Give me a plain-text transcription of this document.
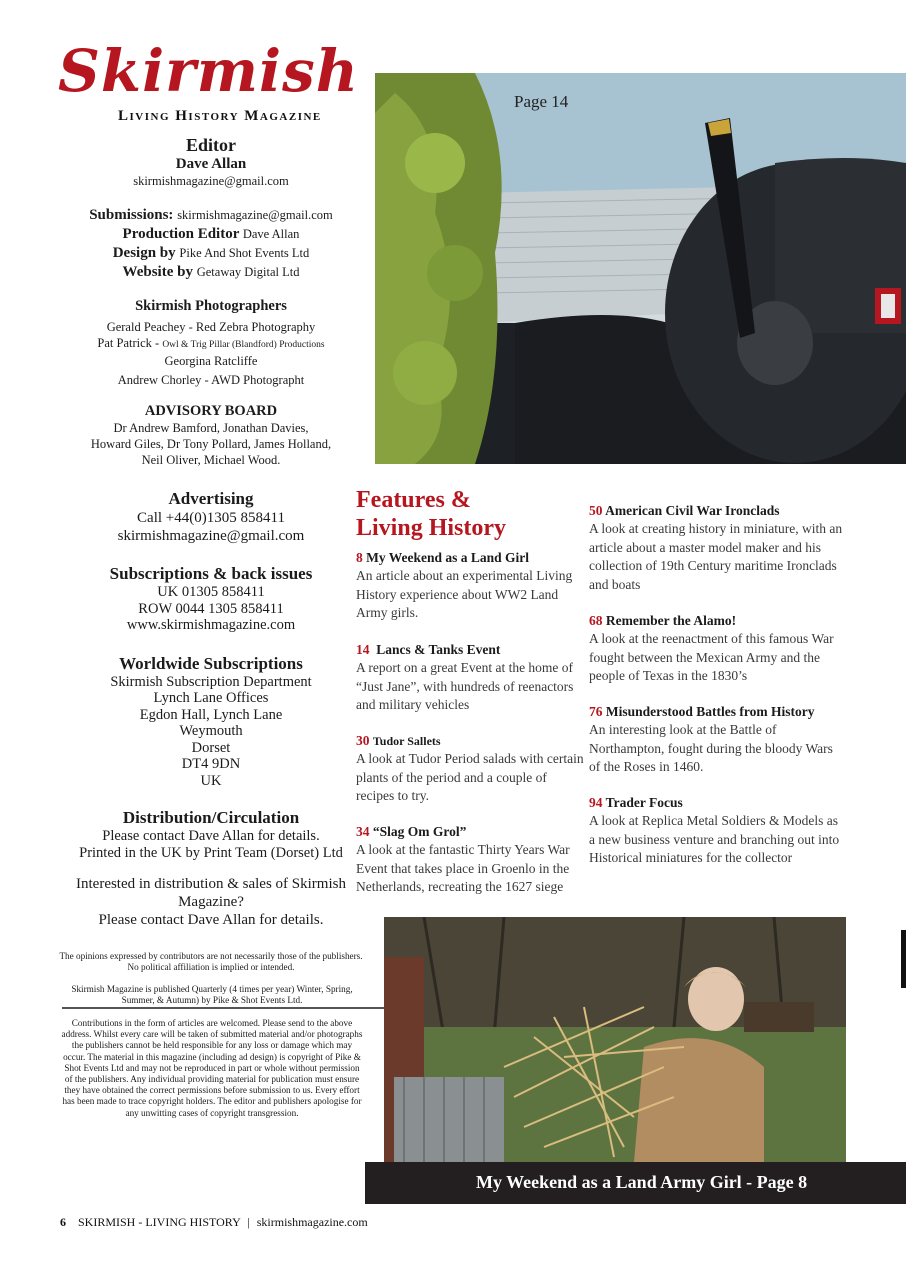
Skirmish
Living History Magazine
Editor
Dave Allan
skirmishmagazine@gmail.com
Submissions: skirmishmagazine@gmail.com
Production Editor Dave Allan
Design by Pike And Shot Events Ltd
Website by Getaway Digital Ltd
Skirmish Photographers
Gerald Peachey - Red Zebra Photography
Pat Patrick - Owl & Trig Pillar (Blandford) Productions
Georgina Ratcliffe
Andrew Chorley - AWD Photographt
ADVISORY BOARD
Dr Andrew Bamford, Jonathan Davies,
Howard Giles, Dr Tony Pollard, James Holland,
Neil Oliver, Michael Wood.
Advertising
Call +44(0)1305 858411
skirmishmagazine@gmail.com
Subscriptions & back issues
UK 01305 858411
ROW 0044 1305 858411
www.skirmishmagazine.com
Worldwide Subscriptions
Skirmish Subscription Department
Lynch Lane Offices
Egdon Hall, Lynch Lane
Weymouth
Dorset
DT4 9DN
UK
Distribution/Circulation
Please contact Dave Allan for details.
Printed in the UK by Print Team (Dorset) Ltd
Interested in distribution & sales of Skirmish
Magazine?
Please contact Dave Allan for details.
The opinions expressed by contributors are not necessarily those of the publishers. No political affiliation is implied or intended.
Skirmish Magazine is published Quarterly (4 times per year) Winter, Spring, Summer, & Autumn) by Pike & Shot Events Ltd.
Contributions in the form of articles are welcomed. Please send to the above address. Whilst every care will be taken of submitted material and/or photographs the publishers cannot be held responsible for any loss or damage which may occur. The material in this magazine (including ad design) is copyright of Pike & Shot Events Ltd and may not be reproduced in part or whole without permission of the publishers. Any individual providing material for publication must ensure they have obtained the correct permissions before submission to us. Every effort has been made to trace copyright holders. The editor and publishers apologise for any unwitting cases of copyright transgression.
Page 14
Features &
Living History
8 My Weekend as a Land Girl
An article about an experimental Living History experience about WW2 Land Army girls.
14 Lancs & Tanks Event
A report on a great Event at the home of “Just Jane”, with hundreds of reenactors and military vehicles
30 Tudor Sallets
A look at Tudor Period salads with certain plants of the period and a couple of recipes to try.
34 “Slag Om Grol”
A look at the fantastic Thirty Years War Event that takes place in Groenlo in the Netherlands, recreating the 1627 siege
50 American Civil War Ironclads
A look at creating history in miniature, with an article about a master model maker and his collection of 19th Century maritime Ironclads and boats
68 Remember the Alamo!
A look at the reenactment of this famous War fought between the Mexican Army and the people of Texas in the 1830’s
76 Misunderstood Battles from History
An interesting look at the Battle of Northampton, fought during the bloody Wars of the Roses in 1460.
94 Trader Focus
A look at Replica Metal Soldiers & Models as a new business venture and branching out into Historical miniatures for the collector
My Weekend as a Land Army Girl - Page 8
6 SKIRMISH - LIVING HISTORY | skirmishmagazine.com
